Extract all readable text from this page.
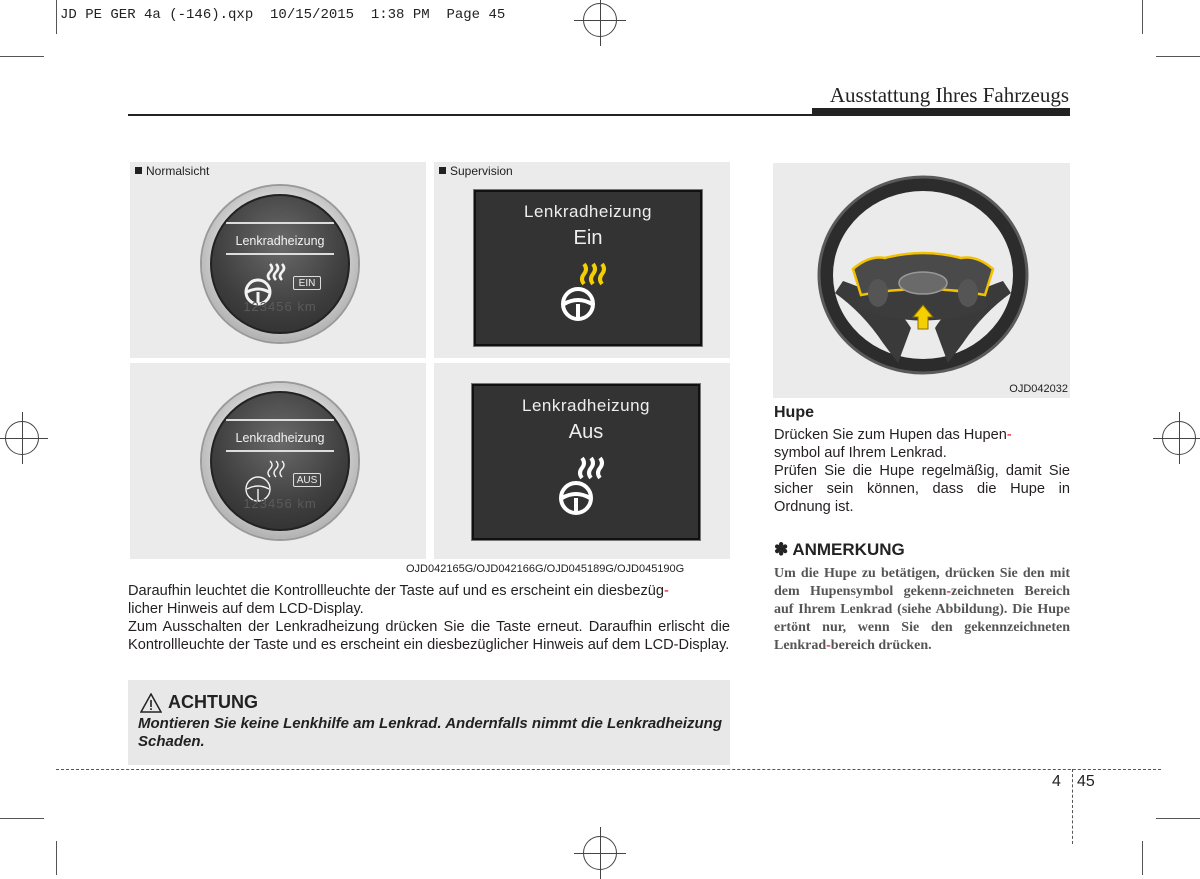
JD PE GER 4a (-146).qxp  10/15/2015  1:38 PM  Page 45
Ausstattung Ihres Fahrzeugs
Normalsicht
P
Lenkradheizung
EIN
123456 km
Supervision
Lenkradheizung
Ein
P
Lenkradheizung
AUS
123456 km
Lenkradheizung
Aus
OJD042165G/OJD042166G/OJD045189G/OJD045190G

Daraufhin leuchtet die Kontrollleuchte der Taste auf und es erscheint ein diesbezüg-
licher Hinweis auf dem LCD-Display.

Zum Ausschalten der Lenkradheizung drücken Sie die Taste erneut. Daraufhin erlischt die Kontrollleuchte der Taste und es erscheint ein diesbezüglicher Hinweis auf dem LCD-Display.

ACHTUNG
Montieren Sie keine Lenkhilfe am Lenkrad. Andernfalls nimmt die Lenkradheizung Schaden.
OJD042032
Hupe

Drücken Sie zum Hupen das Hupen-
symbol auf Ihrem Lenkrad.

Prüfen Sie die Hupe regelmäßig, damit Sie sicher sein können, dass die Hupe in Ordnung ist.

✽ ANMERKUNG
Um die Hupe zu betätigen, drücken Sie den mit dem Hupensymbol gekenn-zeichneten Bereich auf Ihrem Lenkrad (siehe Abbildung). Die Hupe ertönt nur, wenn Sie den gekennzeichneten Lenkrad-bereich drücken.
4 45
